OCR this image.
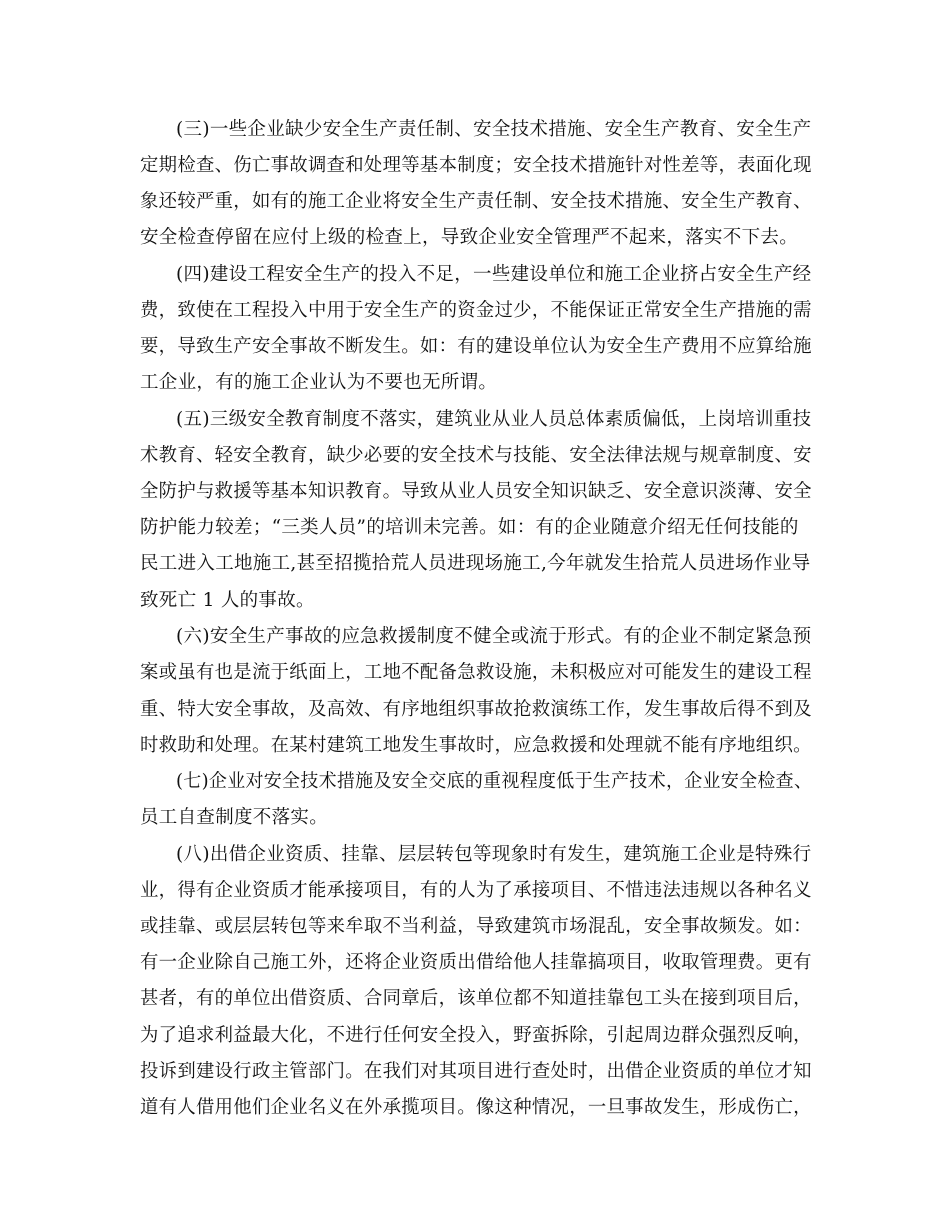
(三)一些企业缺少安全生产责任制、安全技术措施、安全生产教育、安全生产
定期检查、伤亡事故调查和处理等基本制度；安全技术措施针对性差等，表面化现
象还较严重，如有的施工企业将安全生产责任制、安全技术措施、安全生产教育、
安全检查停留在应付上级的检查上，导致企业安全管理严不起来，落实不下去。
(四)建设工程安全生产的投入不足，一些建设单位和施工企业挤占安全生产经
费，致使在工程投入中用于安全生产的资金过少，不能保证正常安全生产措施的需
要，导致生产安全事故不断发生。如：有的建设单位认为安全生产费用不应算给施
工企业，有的施工企业认为不要也无所谓。
(五)三级安全教育制度不落实，建筑业从业人员总体素质偏低，上岗培训重技
术教育、轻安全教育，缺少必要的安全技术与技能、安全法律法规与规章制度、安
全防护与救援等基本知识教育。导致从业人员安全知识缺乏、安全意识淡薄、安全
防护能力较差；“三类人员”的培训未完善。如：有的企业随意介绍无任何技能的
民工进入工地施工,甚至招揽拾荒人员进现场施工,今年就发生拾荒人员进场作业导
致死亡 1 人的事故。
(六)安全生产事故的应急救援制度不健全或流于形式。有的企业不制定紧急预
案或虽有也是流于纸面上，工地不配备急救设施，未积极应对可能发生的建设工程
重、特大安全事故，及高效、有序地组织事故抢救演练工作，发生事故后得不到及
时救助和处理。在某村建筑工地发生事故时，应急救援和处理就不能有序地组织。
(七)企业对安全技术措施及安全交底的重视程度低于生产技术，企业安全检查、
员工自查制度不落实。
(八)出借企业资质、挂靠、层层转包等现象时有发生，建筑施工企业是特殊行
业，得有企业资质才能承接项目，有的人为了承接项目、不惜违法违规以各种名义
或挂靠、或层层转包等来牟取不当利益，导致建筑市场混乱，安全事故频发。如：
有一企业除自己施工外，还将企业资质出借给他人挂靠搞项目，收取管理费。更有
甚者，有的单位出借资质、合同章后，该单位都不知道挂靠包工头在接到项目后，
为了追求利益最大化，不进行任何安全投入，野蛮拆除，引起周边群众强烈反响，
投诉到建设行政主管部门。在我们对其项目进行查处时，出借企业资质的单位才知
道有人借用他们企业名义在外承揽项目。像这种情况，一旦事故发生，形成伤亡，
